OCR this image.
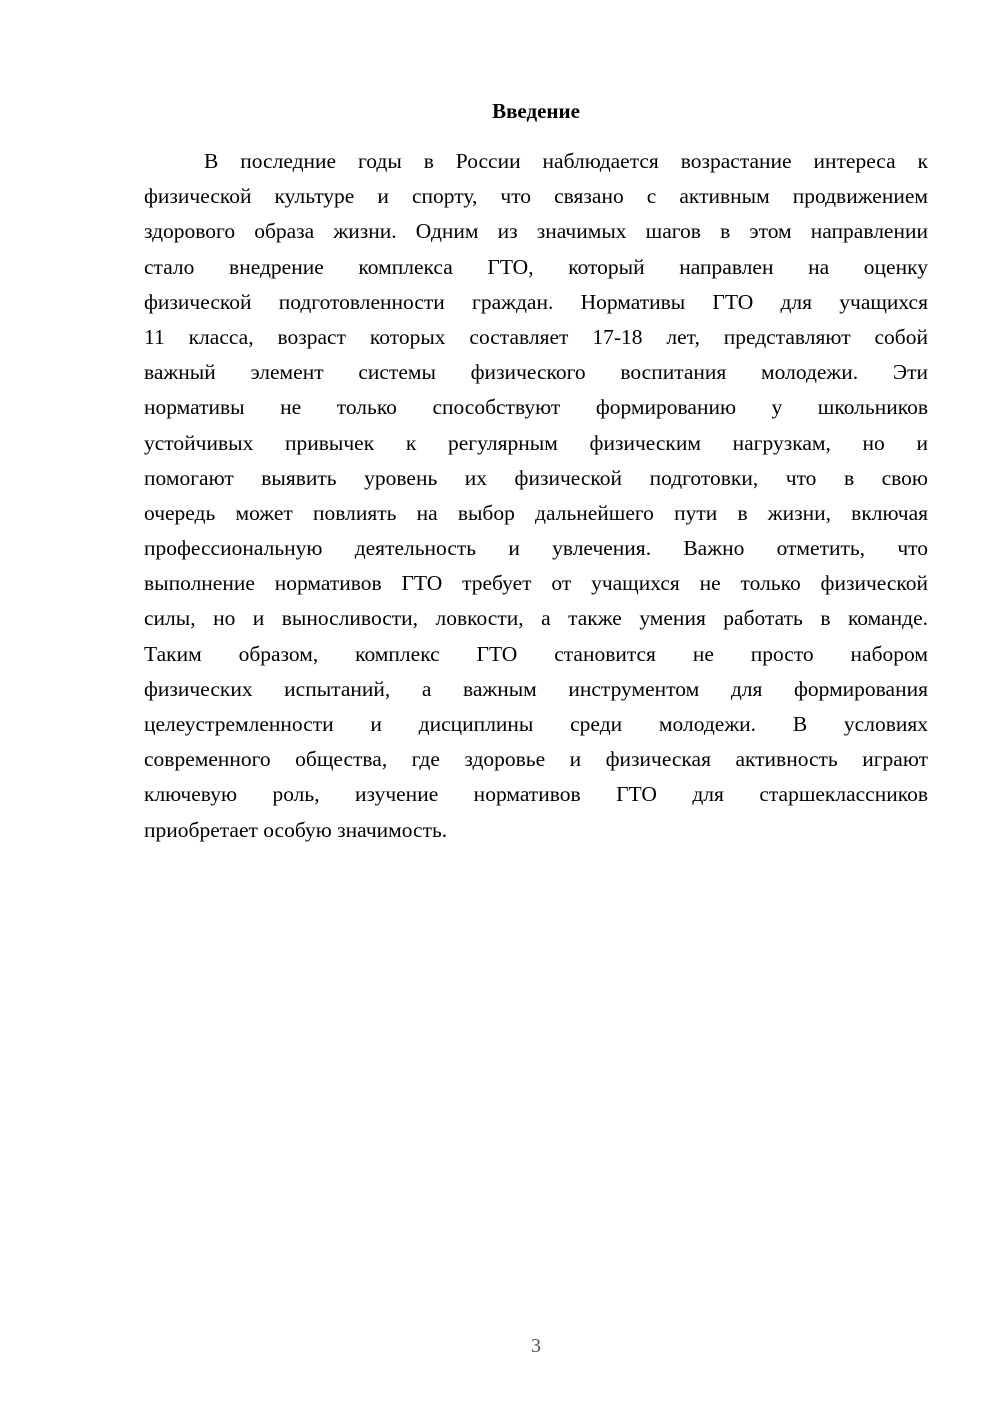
Введение
В последние годы в России наблюдается возрастание интереса к
физической культуре и спорту, что связано с активным продвижением
здорового образа жизни. Одним из значимых шагов в этом направлении
стало внедрение комплекса ГТО, который направлен на оценку
физической подготовленности граждан. Нормативы ГТО для учащихся
11 класса, возраст которых составляет 17-18 лет, представляют собой
важный элемент системы физического воспитания молодежи. Эти
нормативы не только способствуют формированию у школьников
устойчивых привычек к регулярным физическим нагрузкам, но и
помогают выявить уровень их физической подготовки, что в свою
очередь может повлиять на выбор дальнейшего пути в жизни, включая
профессиональную деятельность и увлечения. Важно отметить, что
выполнение нормативов ГТО требует от учащихся не только физической
силы, но и выносливости, ловкости, а также умения работать в команде.
Таким образом, комплекс ГТО становится не просто набором
физических испытаний, а важным инструментом для формирования
целеустремленности и дисциплины среди молодежи. В условиях
современного общества, где здоровье и физическая активность играют
ключевую роль, изучение нормативов ГТО для старшеклассников
приобретает особую значимость.
3
